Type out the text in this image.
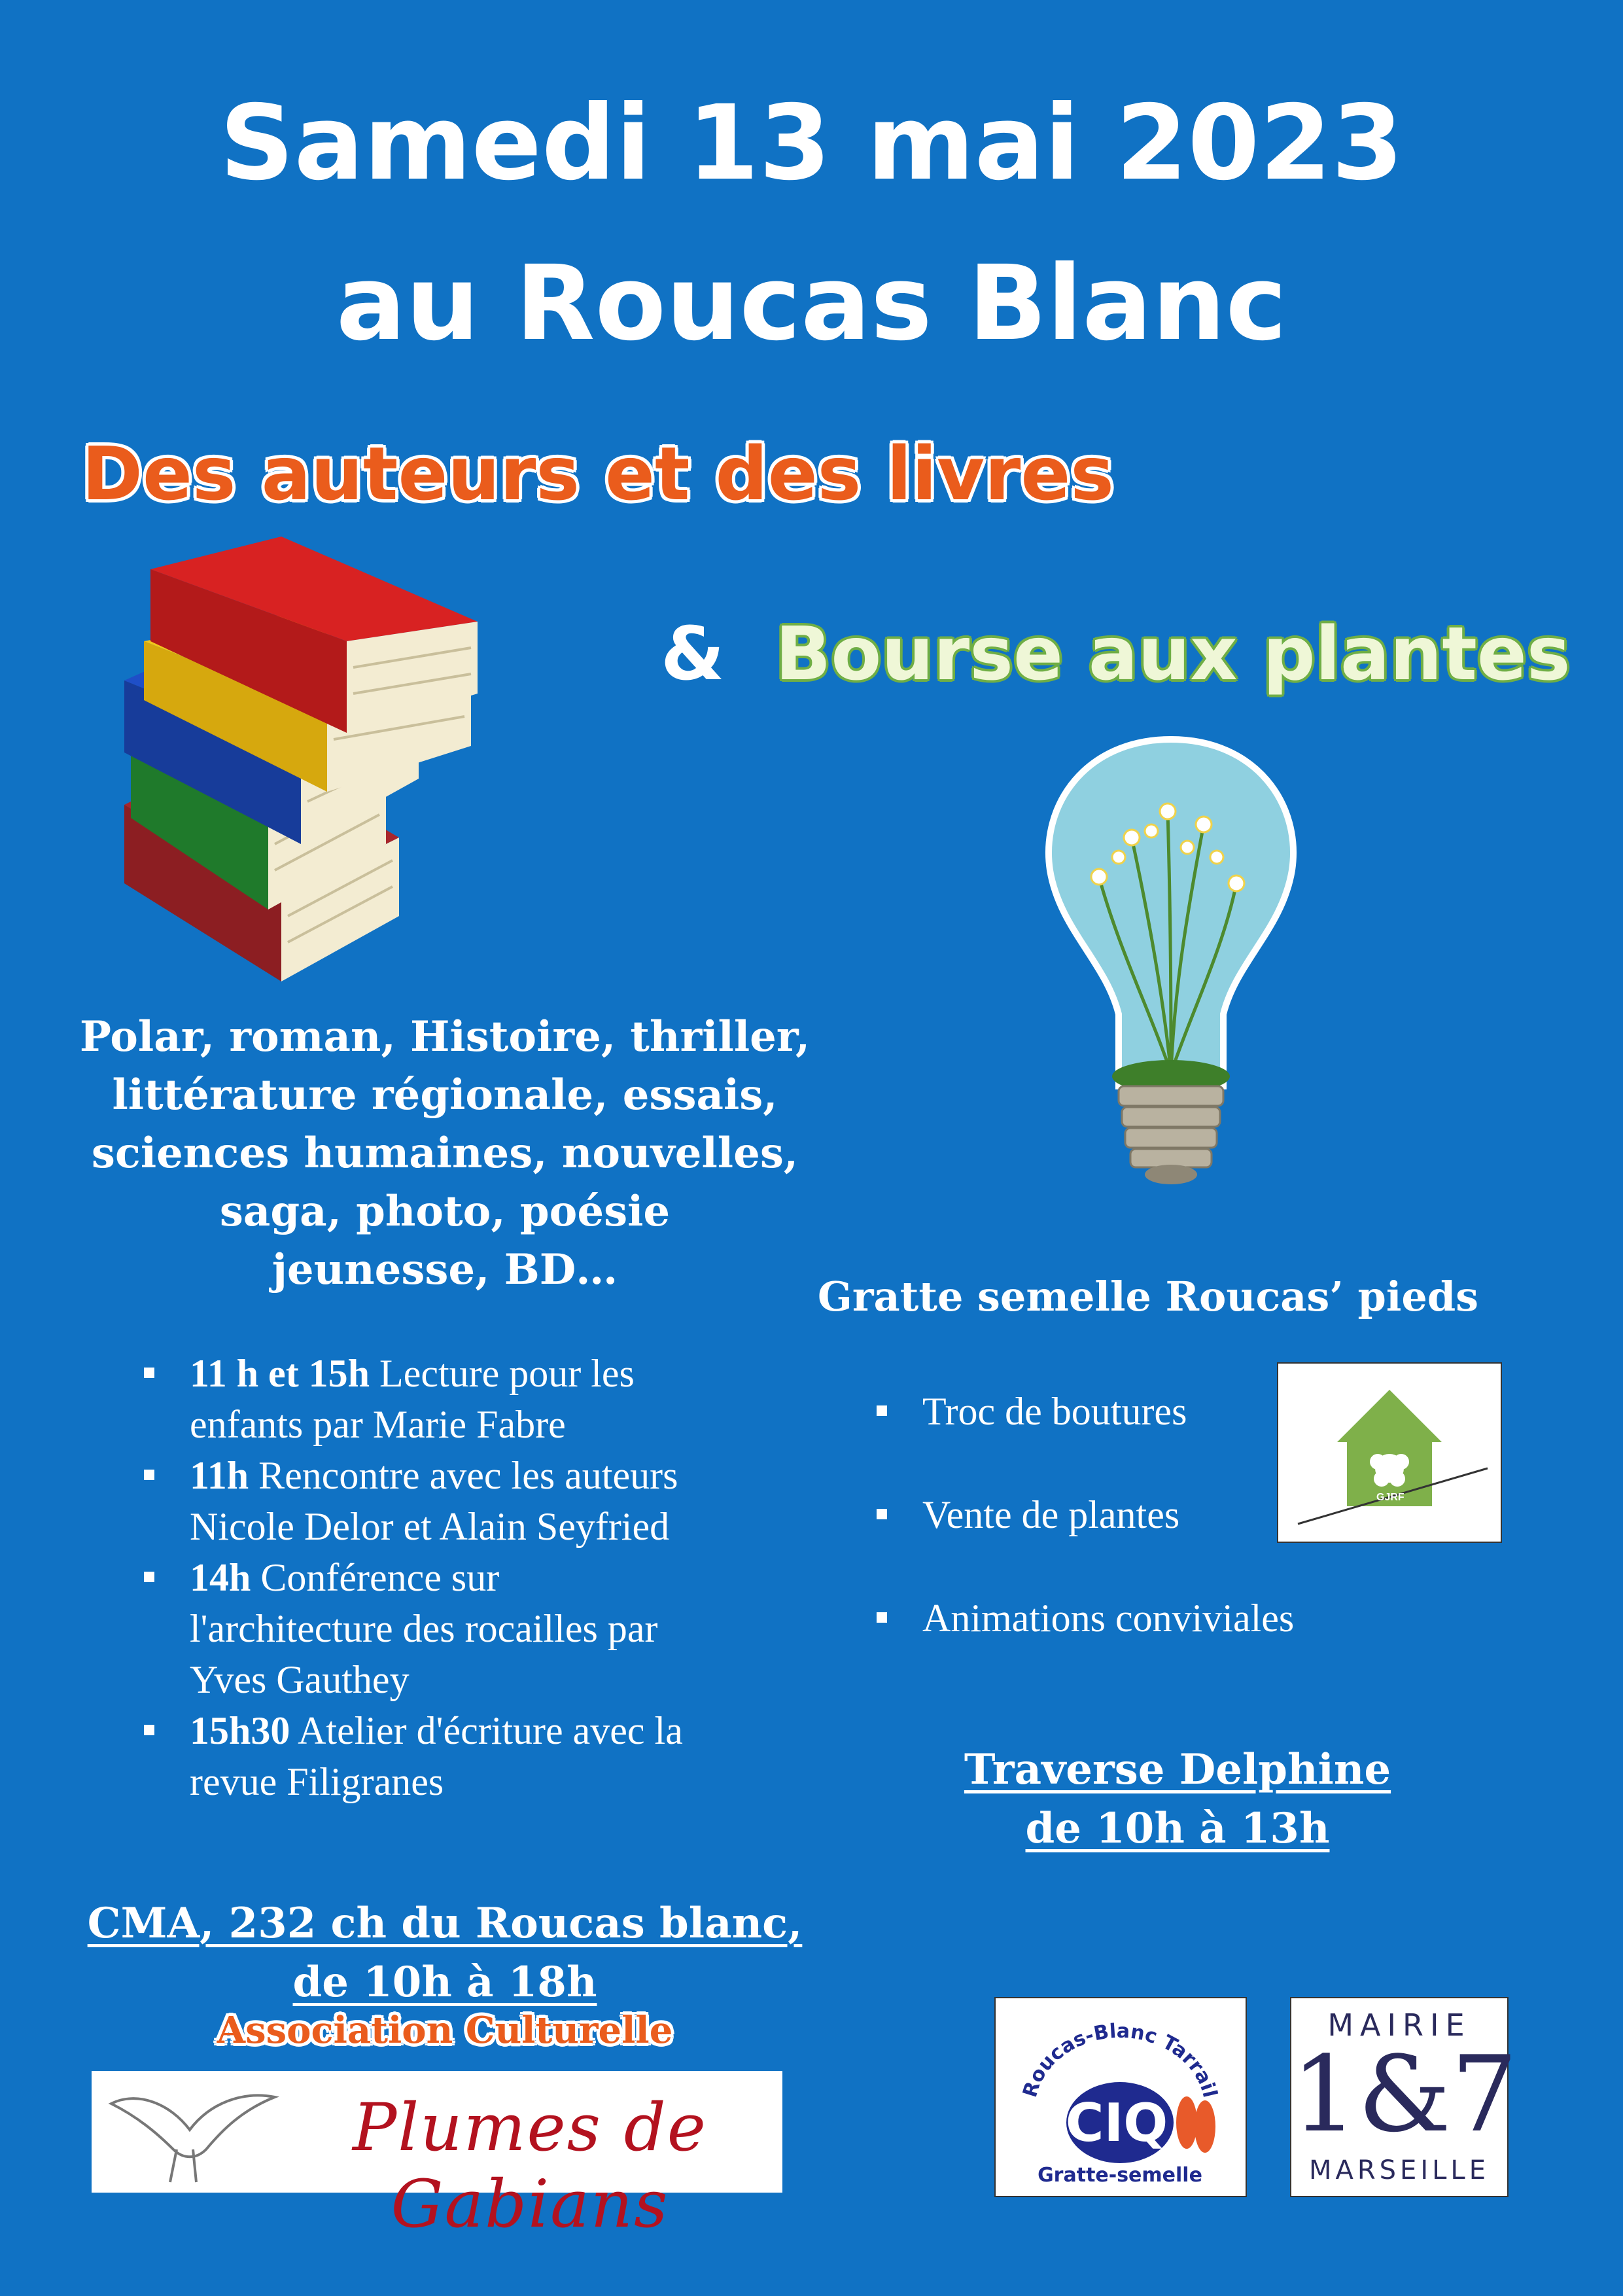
Samedi 13 mai 2023
au Roucas Blanc
Des auteurs et des livres
& Bourse aux plantes
Polar, roman, Histoire, thriller,
littérature régionale, essais,
sciences humaines, nouvelles,
saga, photo, poésie
jeunesse, BD…
11 h et 15h Lecture pour les
enfants par Marie Fabre
11h Rencontre avec les auteurs
Nicole Delor et Alain Seyfried
14h Conférence sur
l'architecture des rocailles par
Yves Gauthey
15h30 Atelier d'écriture avec la
revue Filigranes
CMA, 232 ch du Roucas blanc,
de 10h à 18h
Association Culturelle
Plumes de Gabians
Gratte semelle Roucas’ pieds
Troc de boutures
Vente de plantes
Animations conviviales
GJRF
Traverse Delphine
de 10h à 13h
Roucas-Blanc Tarrail
CIQ
Gratte-semelle
MAIRIE
1&7
MARSEILLE
